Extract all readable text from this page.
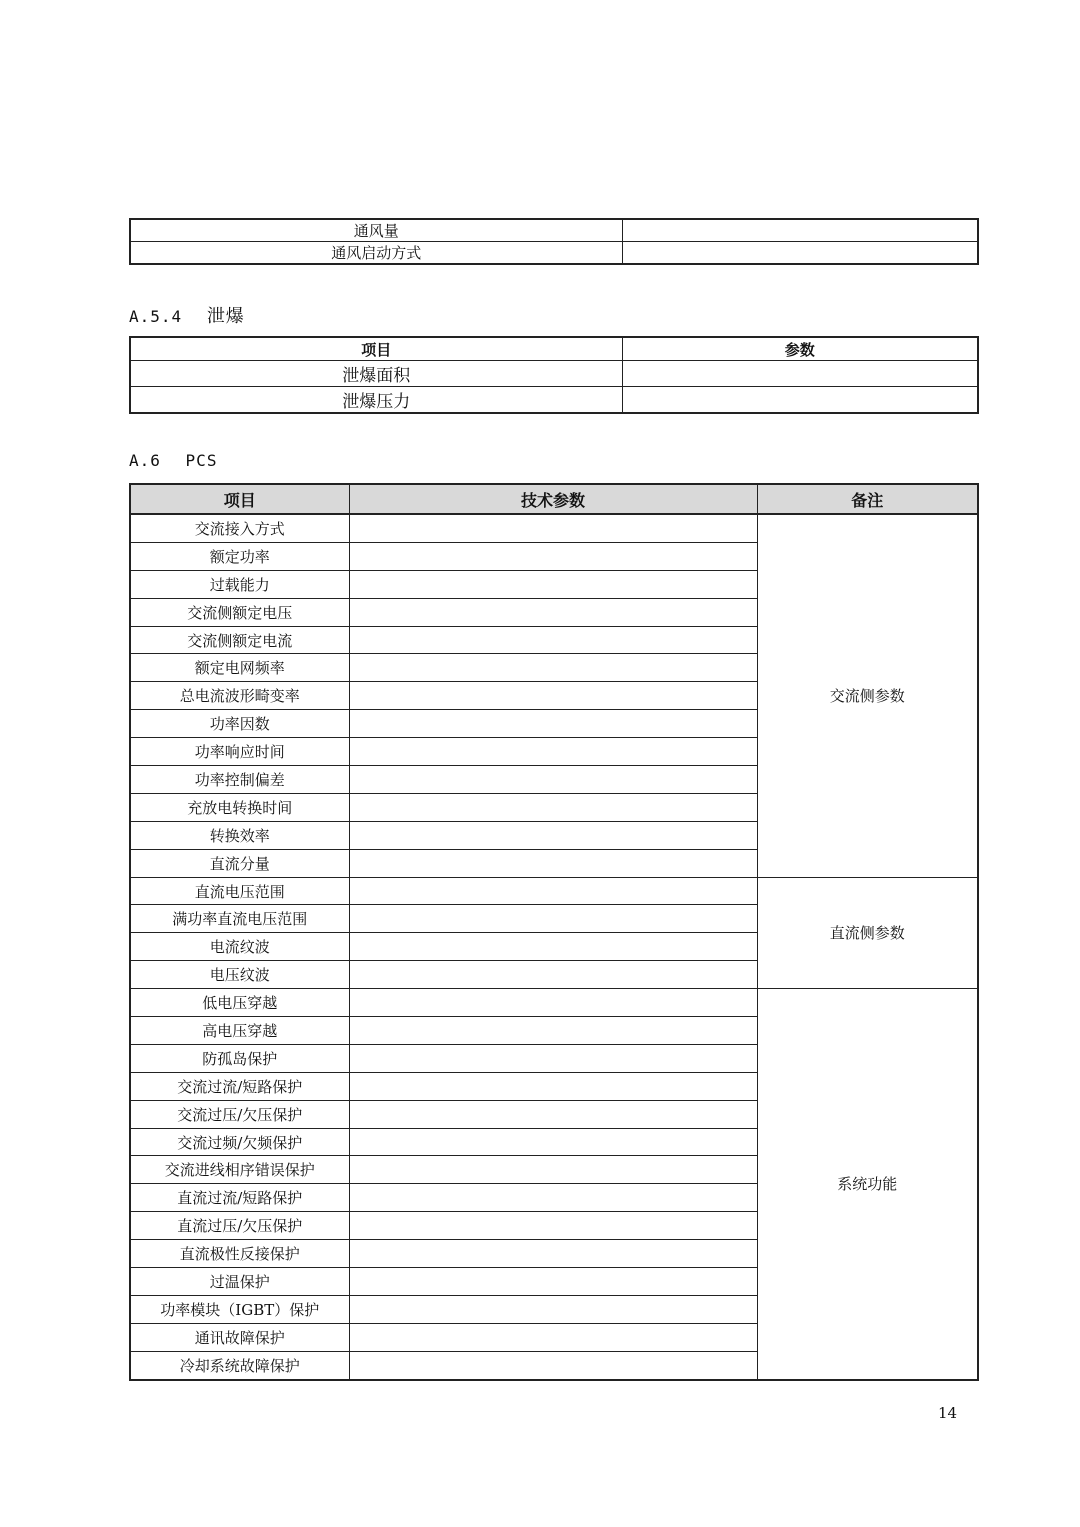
通风量	
通风启动方式	
A.5.4 泄爆
项目	参数
泄爆面积	
泄爆压力	
A.6 PCS
项目	技术参数	备注
交流接入方式		交流侧参数
额定功率		
过载能力		
交流侧额定电压		
交流侧额定电流		
额定电网频率		
总电流波形畸变率		
功率因数		
功率响应时间		
功率控制偏差		
充放电转换时间		
转换效率		
直流分量		
直流电压范围		直流侧参数
满功率直流电压范围		
电流纹波		
电压纹波		
低电压穿越		系统功能
高电压穿越		
防孤岛保护		
交流过流/短路保护		
交流过压/欠压保护		
交流过频/欠频保护		
交流进线相序错误保护		
直流过流/短路保护		
直流过压/欠压保护		
直流极性反接保护		
过温保护		
功率模块（IGBT）保护		
通讯故障保护		
冷却系统故障保护		
14
